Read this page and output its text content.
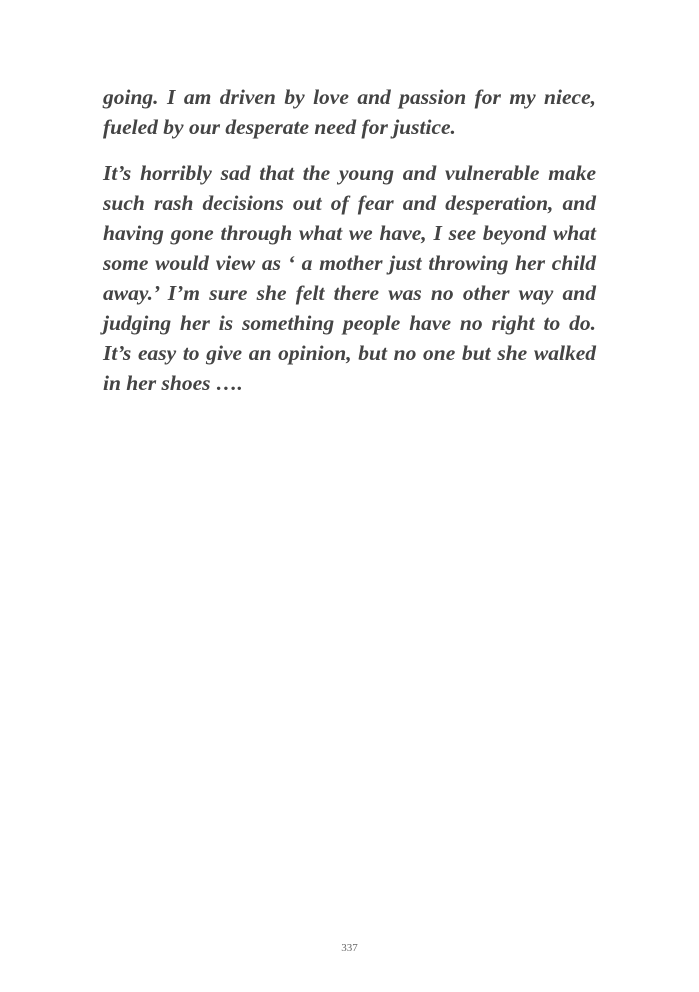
going. I am driven by love and passion for my niece, fueled by our desperate need for justice.

It’s horribly sad that the young and vulnerable make such rash decisions out of fear and desperation, and having gone through what we have, I see beyond what some would view as ‘ a mother just throwing her child away.’ I’m sure she felt there was no other way and judging her is something people have no right to do. It’s easy to give an opinion, but no one but she walked in her shoes ….

337
